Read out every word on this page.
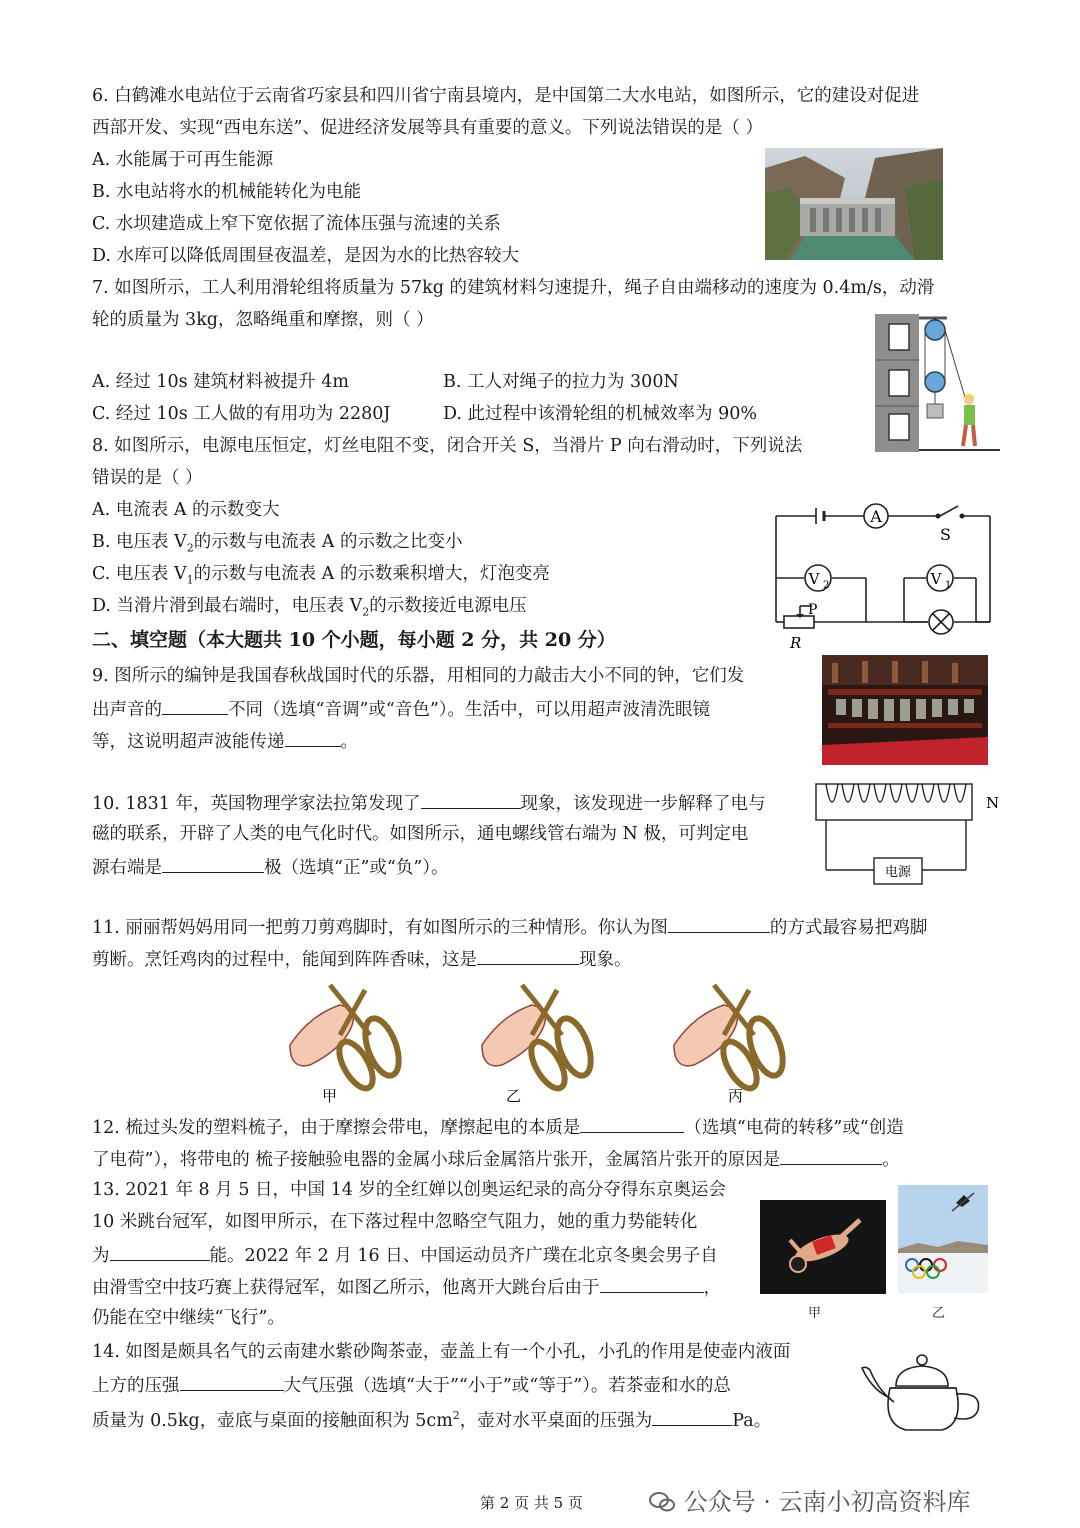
6. 白鹤滩水电站位于云南省巧家县和四川省宁南县境内，是中国第二大水电站，如图所示，它的建设对促进
西部开发、实现“西电东送”、促进经济发展等具有重要的意义。下列说法错误的是（ ）
A. 水能属于可再生能源
B. 水电站将水的机械能转化为电能
C. 水坝建造成上窄下宽依据了流体压强与流速的关系
D. 水库可以降低周围昼夜温差，是因为水的比热容较大
7. 如图所示，工人利用滑轮组将质量为 57kg 的建筑材料匀速提升，绳子自由端移动的速度为 0.4m/s，动滑
轮的质量为 3kg，忽略绳重和摩擦，则（ ）
A. 经过 10s 建筑材料被提升 4m	B. 工人对绳子的拉力为 300N
C. 经过 10s 工人做的有用功为 2280J	D. 此过程中该滑轮组的机械效率为 90%
8. 如图所示，电源电压恒定，灯丝电阻不变，闭合开关 S，当滑片 P 向右滑动时，下列说法
错误的是（ ）
A. 电流表 A 的示数变大
B. 电压表 $V_2$的示数与电流表 A 的示数之比变小
C. 电压表 $V_1$的示数与电流表 A 的示数乘积增大，灯泡变亮
D. 当滑片滑到最右端时，电压表 $V_2$的示数接近电源电压
A
S
V 2	V 1
P
R
二、填空题（本大题共 10 个小题，每小题 2 分，共 20 分）
9. 图所示的编钟是我国春秋战国时代的乐器，用相同的力敲击大小不同的钟，它们发
出声音的	不同（选填“音调”或“音色”）。生活中，可以用超声波清洗眼镜
等，这说明超声波能传递	。
10. 1831 年，英国物理学家法拉第发现了	现象，该发现进一步解释了电与
磁的联系，开辟了人类的电气化时代。如图所示，通电螺线管右端为 N 极，可判定电
源右端是	极（选填“正”或“负”）。
N
电源
11. 丽丽帮妈妈用同一把剪刀剪鸡脚时，有如图所示的三种情形。你认为图	的方式最容易把鸡脚
剪断。烹饪鸡肉的过程中，能闻到阵阵香味，这是	现象。
甲	乙	丙
12. 梳过头发的塑料梳子，由于摩擦会带电，摩擦起电的本质是	（选填“电荷的转移”或“创造
了电荷”），将带电的 梳子接触验电器的金属小球后金属箔片张开，金属箔片张开的原因是	。
13. 2021 年 8 月 5 日，中国 14 岁的全红婵以创奥运纪录的高分夺得东京奥运会
10 米跳台冠军，如图甲所示，在下落过程中忽略空气阻力，她的重力势能转化
为	能。2022 年 2 月 16 日、中国运动员齐广璞在北京冬奥会男子自
由滑雪空中技巧赛上获得冠军，如图乙所示，他离开大跳台后由于	，
仍能在空中继续“飞行”。	甲	乙
14. 如图是颇具名气的云南建水紫砂陶茶壶，壶盖上有一个小孔，小孔的作用是使壶内液面
上方的压强	大气压强（选填“大于”“小于”或“等于”）。若茶壶和水的总
质量为 0.5kg，壶底与桌面的接触面积为 $5cm^2$，壶对水平桌面的压强为	Pa。
第 2 页 共 5 页	公众号 · 云南小初高资料库
